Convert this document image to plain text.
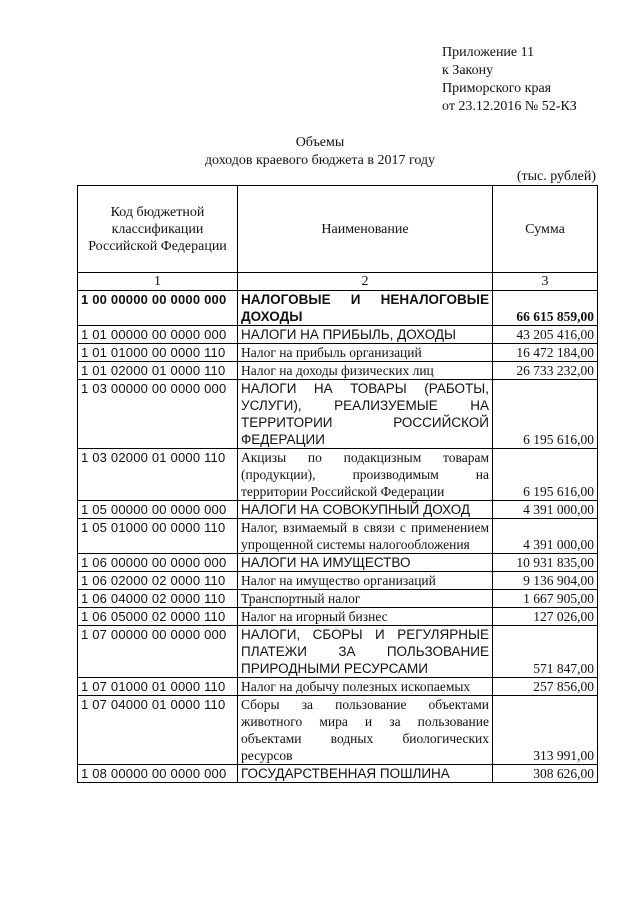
Приложение 11
к Закону
Приморского края
от 23.12.2016 № 52-КЗ
Объемы
доходов краевого бюджета в 2017 году
(тыс. рублей)
Код бюджетной классификации Российской Федерации	Наименование	Сумма
1	2	3
1 00 00000 00 0000 000	НАЛОГОВЫЕ И НЕНАЛОГОВЫЕ ДОХОДЫ	66 615 859,00
1 01 00000 00 0000 000	НАЛОГИ НА ПРИБЫЛЬ, ДОХОДЫ	43 205 416,00
1 01 01000 00 0000 110	Налог на прибыль организаций	16 472 184,00
1 01 02000 01 0000 110	Налог на доходы физических лиц	26 733 232,00
1 03 00000 00 0000 000	НАЛОГИ НА ТОВАРЫ (РАБОТЫ, УСЛУГИ), РЕАЛИЗУЕМЫЕ НА ТЕРРИТОРИИ РОССИЙСКОЙ ФЕДЕРАЦИИ	6 195 616,00
1 03 02000 01 0000 110	Акцизы по подакцизным товарам (продукции), производимым на территории Российской Федерации	6 195 616,00
1 05 00000 00 0000 000	НАЛОГИ НА СОВОКУПНЫЙ ДОХОД	4 391 000,00
1 05 01000 00 0000 110	Налог, взимаемый в связи с применением упрощенной системы налогообложения	4 391 000,00
1 06 00000 00 0000 000	НАЛОГИ НА ИМУЩЕСТВО	10 931 835,00
1 06 02000 02 0000 110	Налог на имущество организаций	9 136 904,00
1 06 04000 02 0000 110	Транспортный налог	1 667 905,00
1 06 05000 02 0000 110	Налог на игорный бизнес	127 026,00
1 07 00000 00 0000 000	НАЛОГИ, СБОРЫ И РЕГУЛЯРНЫЕ ПЛАТЕЖИ ЗА ПОЛЬЗОВАНИЕ ПРИРОДНЫМИ РЕСУРСАМИ	571 847,00
1 07 01000 01 0000 110	Налог на добычу полезных ископаемых	257 856,00
1 07 04000 01 0000 110	Сборы за пользование объектами животного мира и за пользование объектами водных биологических ресурсов	313 991,00
1 08 00000 00 0000 000	ГОСУДАРСТВЕННАЯ ПОШЛИНА	308 626,00
